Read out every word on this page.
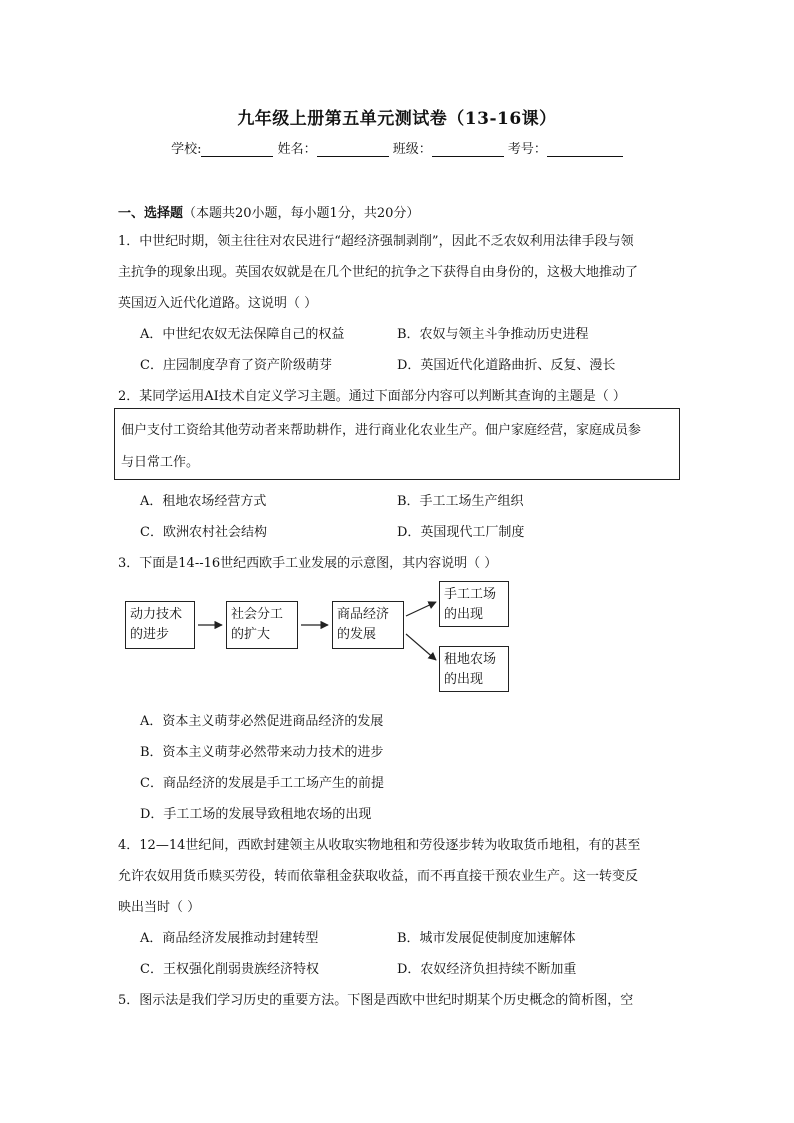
九年级上册第五单元测试卷（13-16课）
学校:	姓名：	班级：	考号：
一、选择题（本题共20小题，每小题1分，共20分）
1．中世纪时期，领主往往对农民进行“超经济强制剥削”，因此不乏农奴利用法律手段与领
主抗争的现象出现。英国农奴就是在几个世纪的抗争之下获得自由身份的，这极大地推动了
英国迈入近代化道路。这说明（ ）
A．中世纪农奴无法保障自己的权益	B．农奴与领主斗争推动历史进程
C．庄园制度孕育了资产阶级萌芽	D．英国近代化道路曲折、反复、漫长
2．某同学运用AI技术自定义学习主题。通过下面部分内容可以判断其查询的主题是（ ）
佃户支付工资给其他劳动者来帮助耕作，进行商业化农业生产。佃户家庭经营，家庭成员参
与日常工作。
A．租地农场经营方式	B．手工工场生产组织
C．欧洲农村社会结构	D．英国现代工厂制度
3．下面是14--16世纪西欧手工业发展的示意图，其内容说明（ ）
动力技术
的进步
社会分工
的扩大
商品经济
的发展
手工工场
的出现
租地农场
的出现
A．资本主义萌芽必然促进商品经济的发展
B．资本主义萌芽必然带来动力技术的进步
C．商品经济的发展是手工工场产生的前提
D．手工工场的发展导致租地农场的出现
4．12—14世纪间，西欧封建领主从收取实物地租和劳役逐步转为收取货币地租，有的甚至
允许农奴用货币赎买劳役，转而依靠租金获取收益，而不再直接干预农业生产。这一转变反
映出当时（ ）
A．商品经济发展推动封建转型	B．城市发展促使制度加速解体
C．王权强化削弱贵族经济特权	D．农奴经济负担持续不断加重
5．图示法是我们学习历史的重要方法。下图是西欧中世纪时期某个历史概念的简析图，空
